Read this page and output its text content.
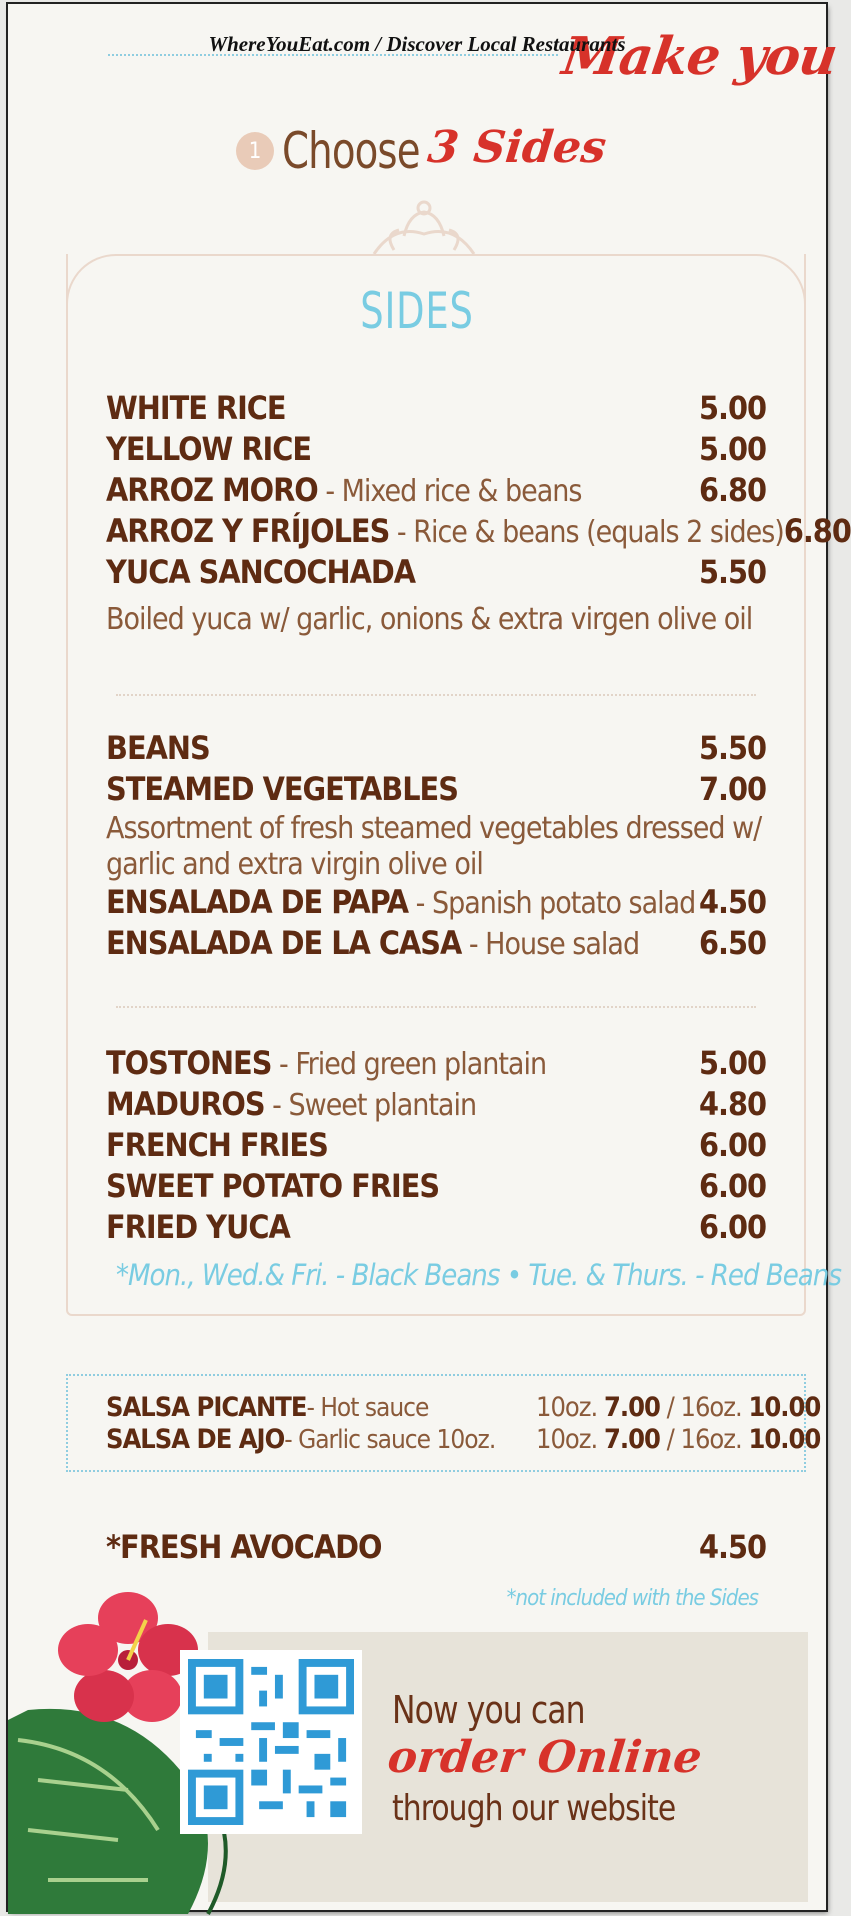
Make you
WhereYouEat.com / Discover Local Restaurants
1 Choose 3 Sides
SIDES
WHITE RICE	5.00
YELLOW RICE	5.00
ARROZ MORO - Mixed rice & beans	6.80
ARROZ Y FRÍJOLES - Rice & beans (equals 2 sides) 6.80
YUCA SANCOCHADA	5.50
Boiled yuca w/ garlic, onions & extra virgen olive oil
BEANS	5.50
STEAMED VEGETABLES	7.00
Assortment of fresh steamed vegetables dressed w/
garlic and extra virgin olive oil
ENSALADA DE PAPA - Spanish potato salad 4.50
ENSALADA DE LA CASA - House salad 6.50
TOSTONES - Fried green plantain	5.00
MADUROS - Sweet plantain	4.80
FRENCH FRIES	6.00
SWEET POTATO FRIES	6.00
FRIED YUCA	6.00
*Mon., Wed.& Fri. - Black Beans • Tue. & Thurs. - Red Beans
SALSA PICANTE - Hot sauce	10oz. 7.00 / 16oz. 10.00
SALSA DE AJO - Garlic sauce 10oz. 10oz. 7.00 / 16oz. 10.00
*FRESH AVOCADO	4.50
*not included with the Sides
Now you can
order Online
through our website
